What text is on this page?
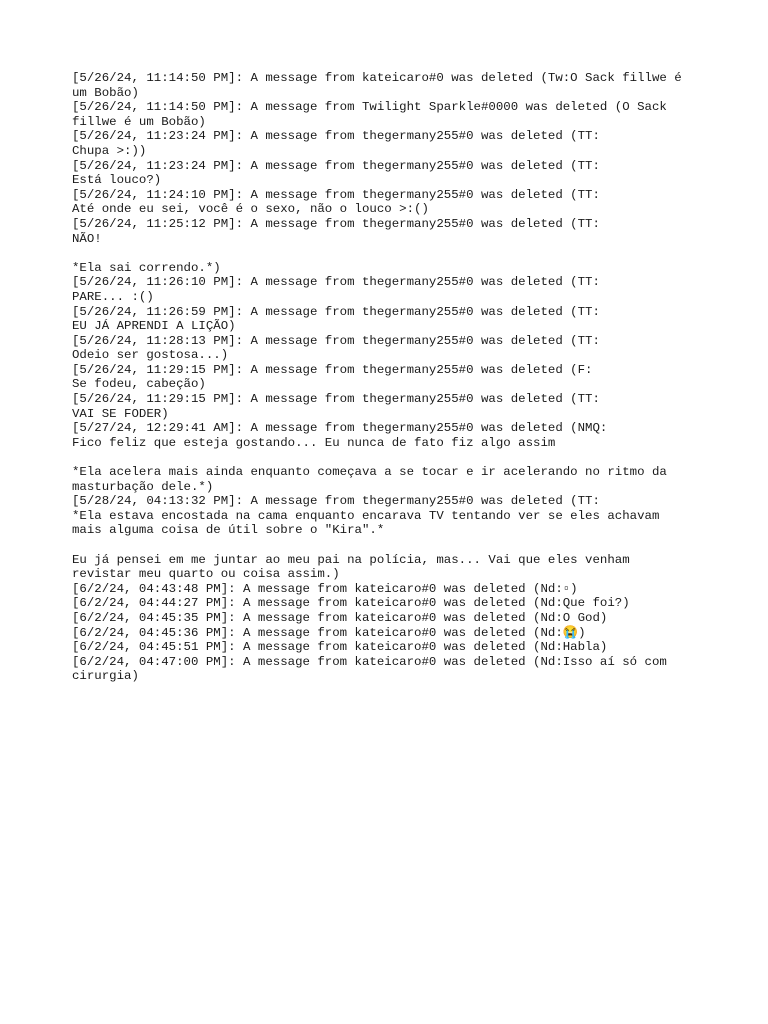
[5/26/24, 11:14:50 PM]: A message from kateicaro#0 was deleted (Tw:O Sack fillwe é
um Bobão)
[5/26/24, 11:14:50 PM]: A message from Twilight Sparkle#0000 was deleted (O Sack
fillwe é um Bobão)
[5/26/24, 11:23:24 PM]: A message from thegermany255#0 was deleted (TT:
Chupa >:))
[5/26/24, 11:23:24 PM]: A message from thegermany255#0 was deleted (TT:
Está louco?)
[5/26/24, 11:24:10 PM]: A message from thegermany255#0 was deleted (TT:
Até onde eu sei, você é o sexo, não o louco >:()
[5/26/24, 11:25:12 PM]: A message from thegermany255#0 was deleted (TT:
NÃO!
*Ela sai correndo.*)
[5/26/24, 11:26:10 PM]: A message from thegermany255#0 was deleted (TT:
PARE... :()
[5/26/24, 11:26:59 PM]: A message from thegermany255#0 was deleted (TT:
EU JÁ APRENDI A LIÇÃO)
[5/26/24, 11:28:13 PM]: A message from thegermany255#0 was deleted (TT:
Odeio ser gostosa...)
[5/26/24, 11:29:15 PM]: A message from thegermany255#0 was deleted (F:
Se fodeu, cabeção)
[5/26/24, 11:29:15 PM]: A message from thegermany255#0 was deleted (TT:
VAI SE FODER)
[5/27/24, 12:29:41 AM]: A message from thegermany255#0 was deleted (NMQ:
Fico feliz que esteja gostando... Eu nunca de fato fiz algo assim
*Ela acelera mais ainda enquanto começava a se tocar e ir acelerando no ritmo da
masturbação dele.*)
[5/28/24, 04:13:32 PM]: A message from thegermany255#0 was deleted (TT:
*Ela estava encostada na cama enquanto encarava TV tentando ver se eles achavam
mais alguma coisa de útil sobre o "Kira".*
Eu já pensei em me juntar ao meu pai na polícia, mas... Vai que eles venham
revistar meu quarto ou coisa assim.)
[6/2/24, 04:43:48 PM]: A message from kateicaro#0 was deleted (Nd:▫)
[6/2/24, 04:44:27 PM]: A message from kateicaro#0 was deleted (Nd:Que foi?)
[6/2/24, 04:45:35 PM]: A message from kateicaro#0 was deleted (Nd:O God)
[6/2/24, 04:45:36 PM]: A message from kateicaro#0 was deleted (Nd:😭)
[6/2/24, 04:45:51 PM]: A message from kateicaro#0 was deleted (Nd:Habla)
[6/2/24, 04:47:00 PM]: A message from kateicaro#0 was deleted (Nd:Isso aí só com
cirurgia)
